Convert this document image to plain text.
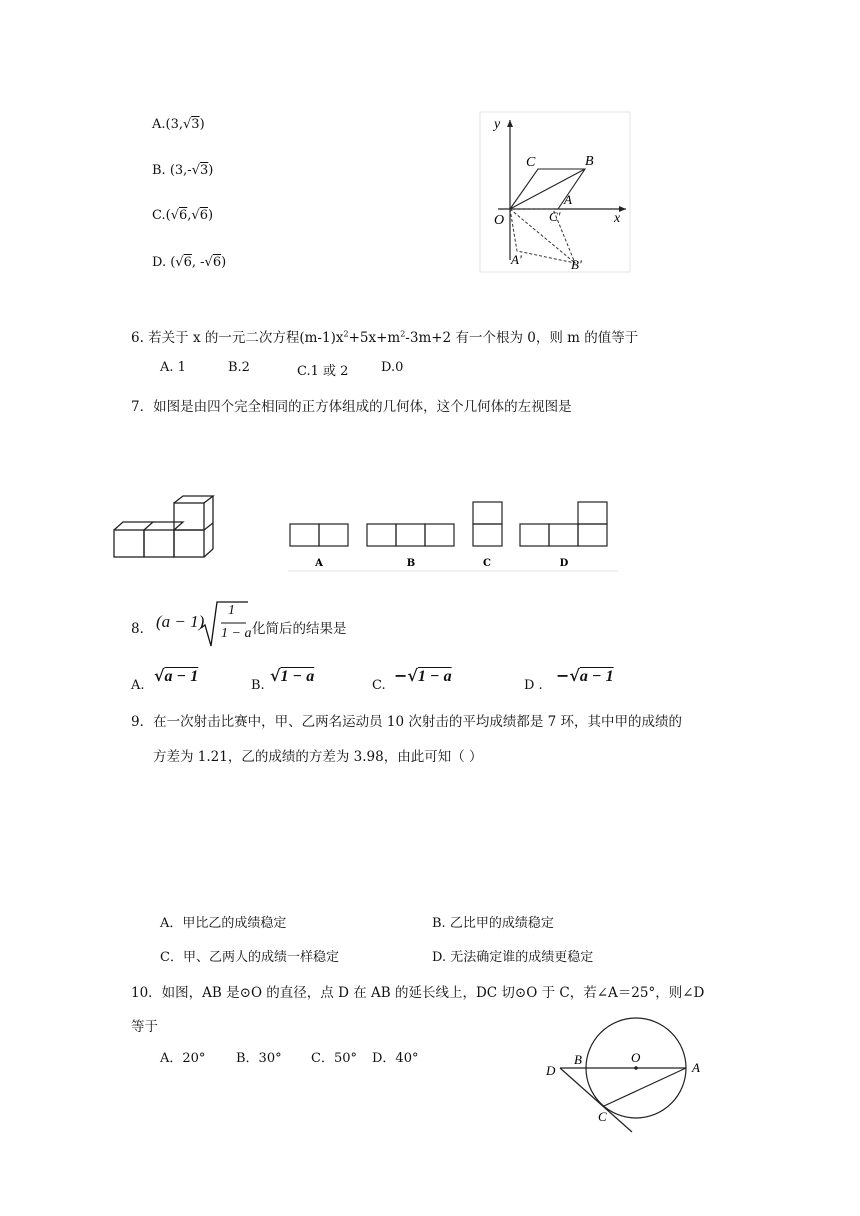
A.(3,√3)
B. (3,-√3)
C.(√6,√6)
D. (√6, -√6)
y
x
O
C	B
A
C'
A'	B'
6. 若关于 x 的一元二次方程$(m-1)x^2+5x+m^2-3m+2$ 有一个根为 0，则 m 的值等于
A. 1	B.2	C.1 或 2	D.0
7．如图是由四个完全相同的正方体组成的几何体，这个几何体的左视图是
A	B	C	D
8． (a − 1)
1
1 − a 化简后的结果是
A.
√a − 1
B.
√1 − a
C.
−√1 − a
D .
−√a − 1
9．在一次射击比赛中，甲、乙两名运动员 10 次射击的平均成绩都是 7 环，其中甲的成绩的
方差为 1.21，乙的成绩的方差为 3.98，由此可知（ ）
A．甲比乙的成绩稳定	B. 乙比甲的成绩稳定
C．甲、乙两人的成绩一样稳定	D. 无法确定谁的成绩更稳定
10．如图，AB 是⊙O 的直径，点 D 在 AB 的延长线上，DC 切⊙O 于 C，若∠A＝25°，则∠D
等于
A．20° B．30° C．50° D．40°
D
B	O
A
C
